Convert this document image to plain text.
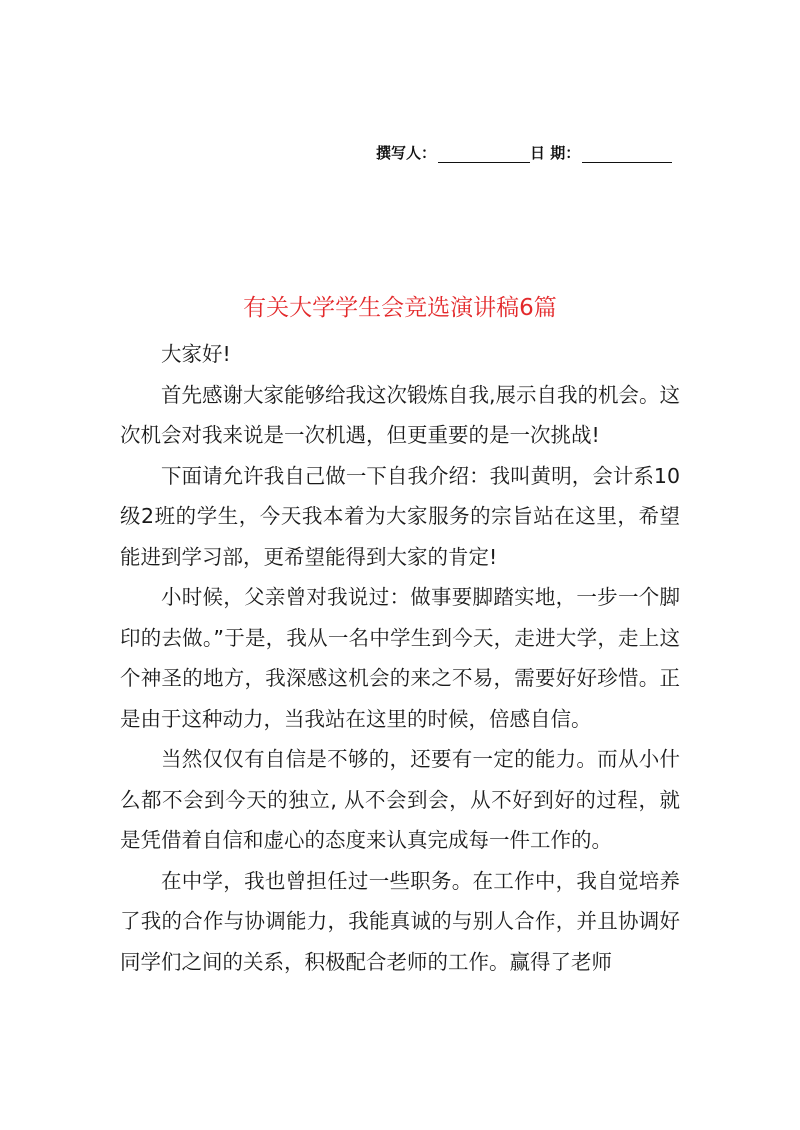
撰写人：	日 期：
有关大学学生会竞选演讲稿6篇

大家好!

首先感谢大家能够给我这次锻炼自我,展示自我的机会。这次机会对我来说是一次机遇，但更重要的是一次挑战!

下面请允许我自己做一下自我介绍：我叫黄明，会计系10级2班的学生，今天我本着为大家服务的宗旨站在这里，希望能进到学习部，更希望能得到大家的肯定!

小时候，父亲曾对我说过：做事要脚踏实地，一步一个脚印的去做。”于是，我从一名中学生到今天，走进大学，走上这个神圣的地方，我深感这机会的来之不易，需要好好珍惜。正是由于这种动力，当我站在这里的时候，倍感自信。

当然仅仅有自信是不够的，还要有一定的能力。而从小什么都不会到今天的独立, 从不会到会，从不好到好的过程，就是凭借着自信和虚心的态度来认真完成每一件工作的。

在中学，我也曾担任过一些职务。在工作中，我自觉培养了我的合作与协调能力，我能真诚的与别人合作，并且协调好同学们之间的关系，积极配合老师的工作。赢得了老师
